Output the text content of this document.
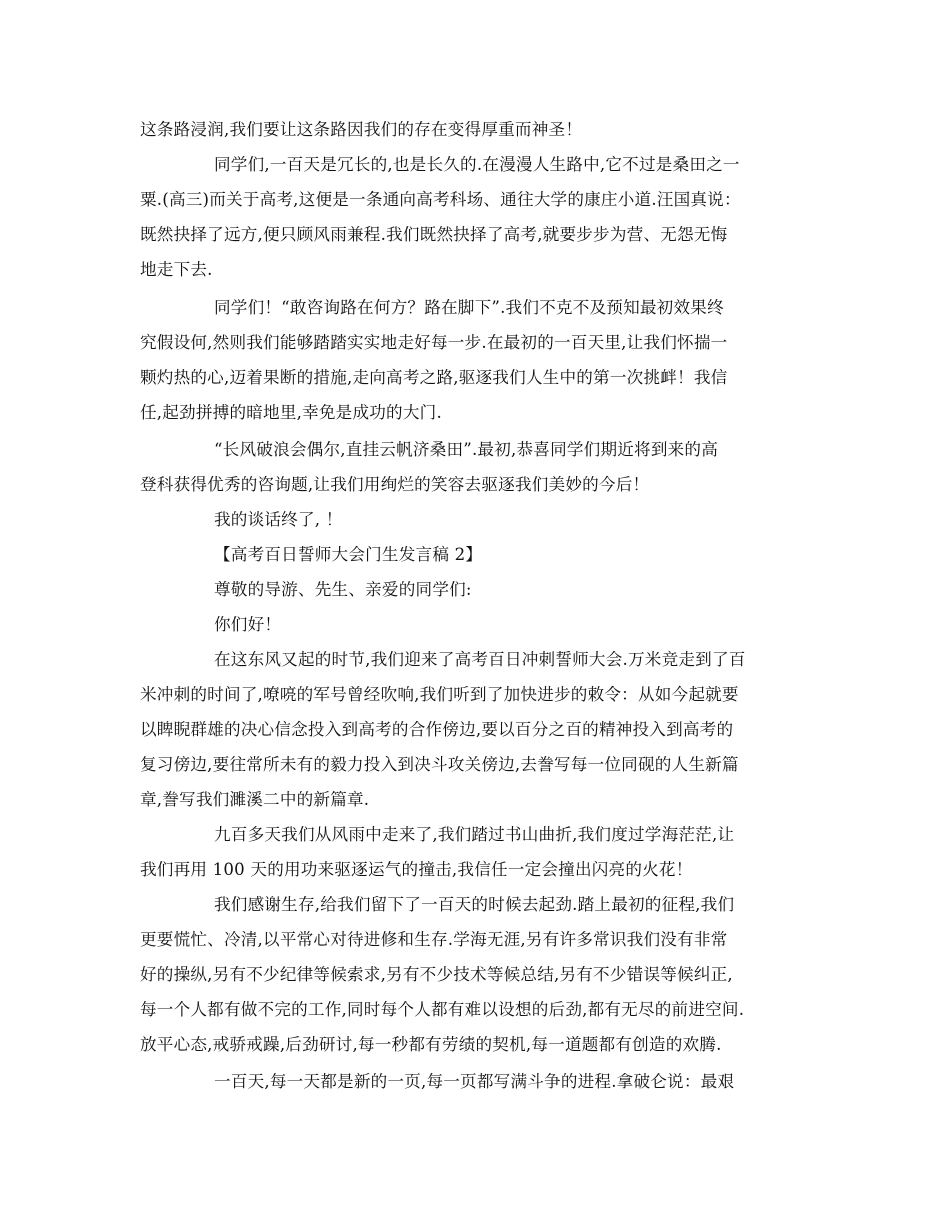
这条路浸润,我们要让这条路因我们的存在变得厚重而神圣！
同学们,一百天是冗长的,也是长久的.在漫漫人生路中,它不过是桑田之一
粟.(高三)而关于高考,这便是一条通向高考科场、通往大学的康庄小道.汪国真说：
既然抉择了远方,便只顾风雨兼程.我们既然抉择了高考,就要步步为营、无怨无悔
地走下去.
同学们！“敢咨询路在何方？路在脚下”.我们不克不及预知最初效果终
究假设何,然则我们能够踏踏实实地走好每一步.在最初的一百天里,让我们怀揣一
颗灼热的心,迈着果断的措施,走向高考之路,驱逐我们人生中的第一次挑衅！我信
任,起劲拼搏的暗地里,幸免是成功的大门.
“长风破浪会偶尔,直挂云帆济桑田”.最初,恭喜同学们期近将到来的高
登科获得优秀的咨询题,让我们用绚烂的笑容去驱逐我们美妙的今后！
我的谈话终了, ！
【高考百日誓师大会门生发言稿 2】
尊敬的导游、先生、亲爱的同学们:
你们好！
在这东风又起的时节,我们迎来了高考百日冲刺誓师大会.万米竞走到了百
米冲刺的时间了,嘹喨的军号曾经吹响,我们听到了加快进步的敕令：从如今起就要
以睥睨群雄的决心信念投入到高考的合作傍边,要以百分之百的精神投入到高考的
复习傍边,要往常所未有的毅力投入到决斗攻关傍边,去誊写每一位同砚的人生新篇
章,誊写我们濉溪二中的新篇章.
九百多天我们从风雨中走来了,我们踏过书山曲折,我们度过学海茫茫,让
我们再用 100 天的用功来驱逐运气的撞击,我信任一定会撞出闪亮的火花！
我们感谢生存,给我们留下了一百天的时候去起劲.踏上最初的征程,我们
更要慌忙、冷清,以平常心对待进修和生存.学海无涯,另有许多常识我们没有非常
好的操纵,另有不少纪律等候索求,另有不少技术等候总结,另有不少错误等候纠正,
每一个人都有做不完的工作,同时每个人都有难以设想的后劲,都有无尽的前进空间.
放平心态,戒骄戒躁,后劲研讨,每一秒都有劳绩的契机,每一道题都有创造的欢腾.
一百天,每一天都是新的一页,每一页都写满斗争的进程.拿破仑说：最艰
